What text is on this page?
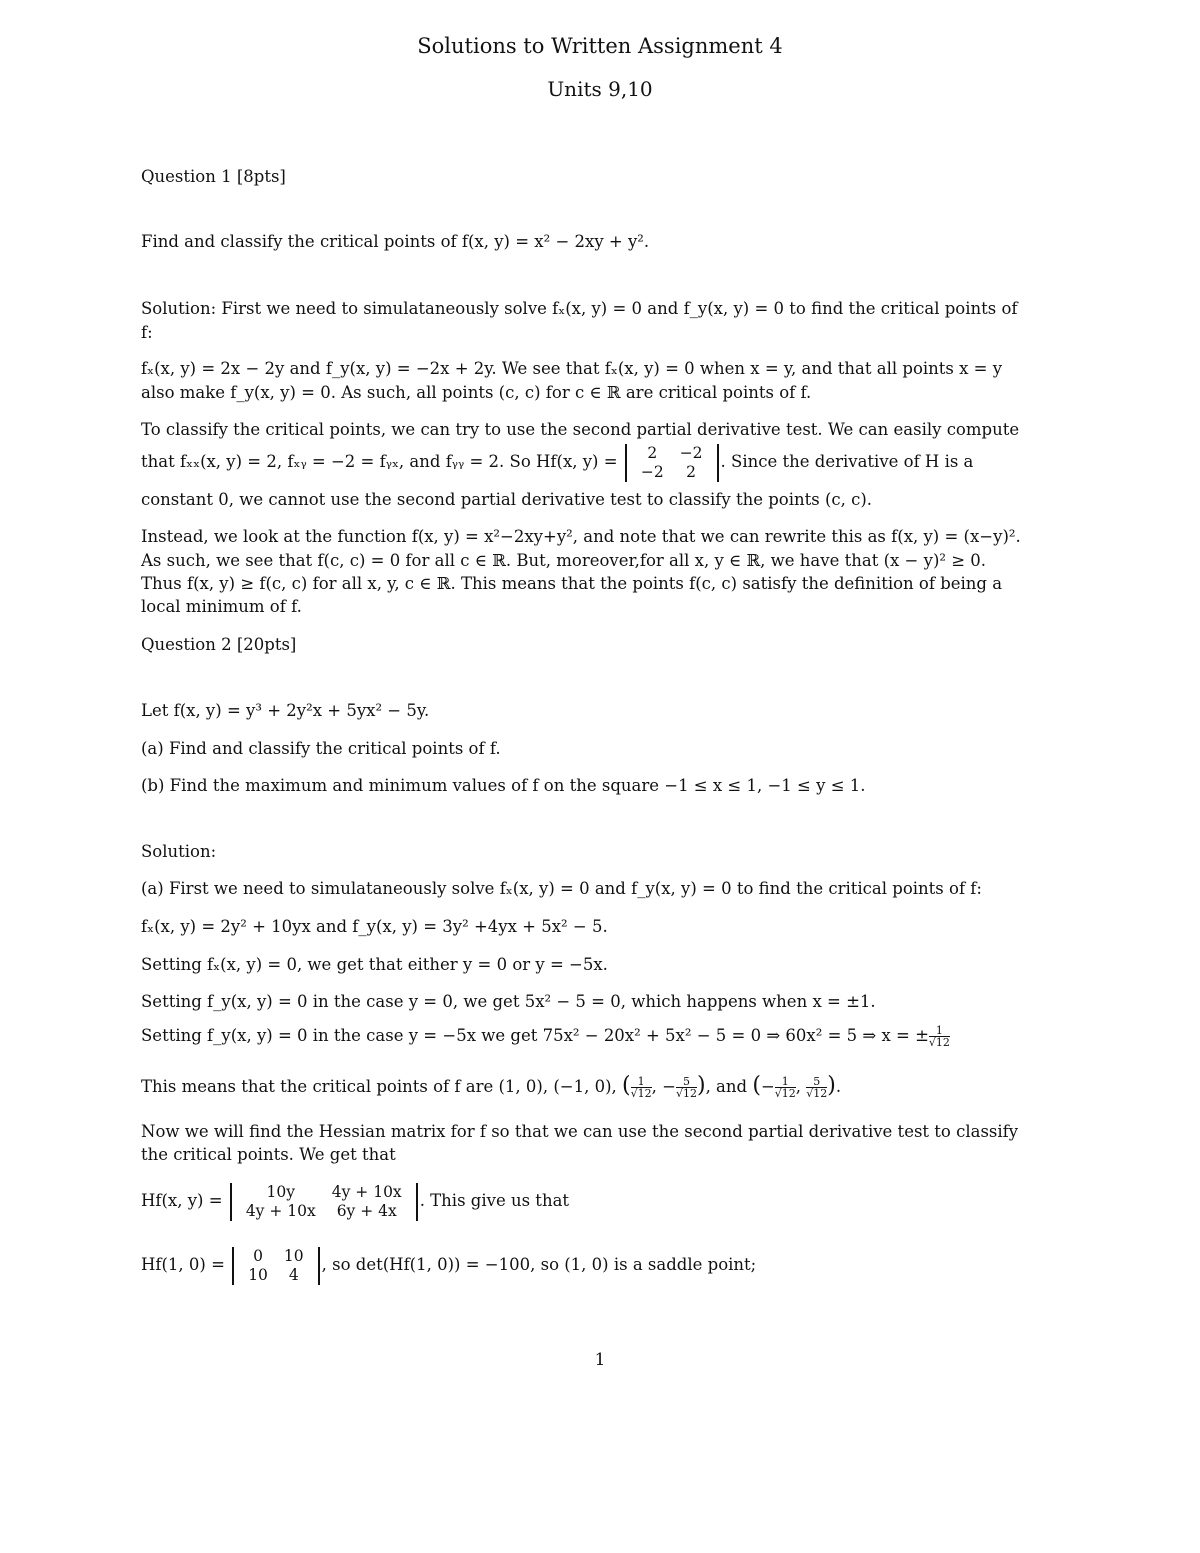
Solutions to Written Assignment 4
Units 9,10
Question 1 [8pts]
Find and classify the critical points of f(x, y) = x² − 2xy + y².
Solution: First we need to simulataneously solve fₓ(x, y) = 0 and f_y(x, y) = 0 to find the critical points of
f:
fₓ(x, y) = 2x − 2y and f_y(x, y) = −2x + 2y. We see that fₓ(x, y) = 0 when x = y, and that all points x = y
also make f_y(x, y) = 0. As such, all points (c, c) for c ∈ ℝ are critical points of f.
To classify the critical points, we can try to use the second partial derivative test. We can easily compute
that fₓₓ(x, y) = 2, fₓᵧ = −2 = fᵧₓ, and fᵧᵧ = 2. So Hf(x, y) = 2	−2
−2	2
. Since the derivative of H is a
constant 0, we cannot use the second partial derivative test to classify the points (c, c).
Instead, we look at the function f(x, y) = x²−2xy+y², and note that we can rewrite this as f(x, y) = (x−y)².
As such, we see that f(c, c) = 0 for all c ∈ ℝ. But, moreover,for all x, y ∈ ℝ, we have that (x − y)² ≥ 0.
Thus f(x, y) ≥ f(c, c) for all x, y, c ∈ ℝ. This means that the points f(c, c) satisfy the definition of being a
local minimum of f.
Question 2 [20pts]
Let f(x, y) = y³ + 2y²x + 5yx² − 5y.
(a) Find and classify the critical points of f.
(b) Find the maximum and minimum values of f on the square −1 ≤ x ≤ 1, −1 ≤ y ≤ 1.
Solution:
(a) First we need to simulataneously solve fₓ(x, y) = 0 and f_y(x, y) = 0 to find the critical points of f:
fₓ(x, y) = 2y² + 10yx and f_y(x, y) = 3y² +4yx + 5x² − 5.
Setting fₓ(x, y) = 0, we get that either y = 0 or y = −5x.
Setting f_y(x, y) = 0 in the case y = 0, we get 5x² − 5 = 0, which happens when x = ±1.
Setting f_y(x, y) = 0 in the case y = −5x we get 75x² − 20x² + 5x² − 5 = 0 ⇒ 60x² = 5 ⇒ x = ± $\frac{1}{√12}$
This means that the critical points of f are (1, 0), (−1, 0), ( $\frac{1}{√12}$ , − $\frac{5}{√12}$ ), and (− $\frac{1}{√12}$ , $\frac{5}{√12}$ ).
Now we will find the Hessian matrix for f so that we can use the second partial derivative test to classify
the critical points. We get that
Hf(x, y) =	10y	4y + 10x
4y + 10x	6y + 4x
. This give us that
Hf(1, 0) = 0	10
10	4
, so det(Hf(1, 0)) = −100, so (1, 0) is a saddle point;
1
